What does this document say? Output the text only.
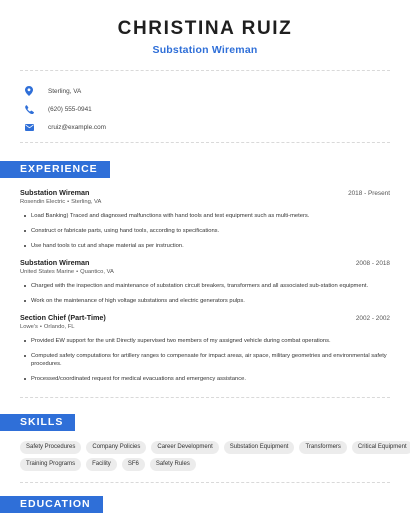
CHRISTINA RUIZ
Substation Wireman
Sterling, VA
(620) 555-0941
cruiz@example.com
EXPERIENCE
Substation Wireman	2018 - Present
Rosendin Electric • Sterling, VA
Load Banking) Traced and diagnosed malfunctions with hand tools and test equipment such as multi-meters.
Construct or fabricate parts, using hand tools, according to specifications.
Use hand tools to cut and shape material as per instruction.
Substation Wireman	2008 - 2018
United States Marine • Quantico, VA
Charged with the inspection and maintenance of substation circuit breakers, transformers and all associated sub-station equipment.
Work on the maintenance of high voltage substations and electric generators pulps.
Section Chief (Part-Time)	2002 - 2002
Lowe's • Orlando, FL
Provided EW support for the unit Directly supervised two members of my assigned vehicle during combat operations.
Computed safety computations for artillery ranges to compensate for impact areas, air space, military geometries and environmental safety procedures.
Processed/coordinated request for medical evacuations and emergency assistance.
SKILLS
Safety Procedures	Company Policies	Career Development	Substation Equipment	Transformers	Critical Equipment
Training Programs	Facility	SF6	Safety Rules
EDUCATION
